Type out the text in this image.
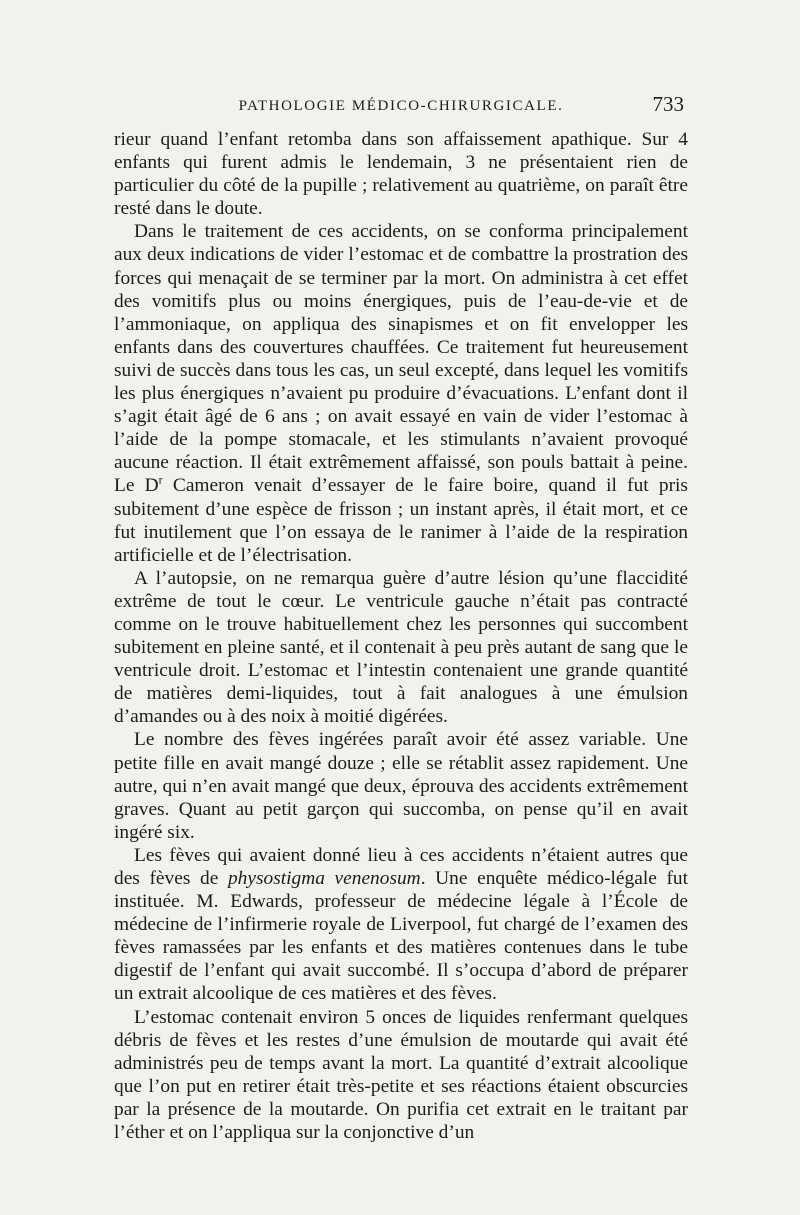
PATHOLOGIE MÉDICO-CHIRURGICALE.	733

rieur quand l’enfant retomba dans son affaissement apathique. Sur 4 enfants qui furent admis le lendemain, 3 ne présentaient rien de particulier du côté de la pupille ; relativement au quatrième, on paraît être resté dans le doute.

Dans le traitement de ces accidents, on se conforma principalement aux deux indications de vider l’estomac et de combattre la prostration des forces qui menaçait de se terminer par la mort. On administra à cet effet des vomitifs plus ou moins énergiques, puis de l’eau-de-vie et de l’ammoniaque, on appliqua des sinapismes et on fit envelopper les enfants dans des couvertures chauffées. Ce traitement fut heureusement suivi de succès dans tous les cas, un seul excepté, dans lequel les vomitifs les plus énergiques n’avaient pu produire d’évacuations. L’enfant dont il s’agit était âgé de 6 ans ; on avait essayé en vain de vider l’estomac à l’aide de la pompe stomacale, et les stimulants n’avaient provoqué aucune réaction. Il était extrêmement affaissé, son pouls battait à peine. Le $D^r$ Cameron venait d’essayer de le faire boire, quand il fut pris subitement d’une espèce de frisson ; un instant après, il était mort, et ce fut inutilement que l’on essaya de le ranimer à l’aide de la respiration artificielle et de l’électrisation.

A l’autopsie, on ne remarqua guère d’autre lésion qu’une flaccidité extrême de tout le cœur. Le ventricule gauche n’était pas contracté comme on le trouve habituellement chez les personnes qui succombent subitement en pleine santé, et il contenait à peu près autant de sang que le ventricule droit. L’estomac et l’intestin contenaient une grande quantité de matières demi-liquides, tout à fait analogues à une émulsion d’amandes ou à des noix à moitié digérées.

Le nombre des fèves ingérées paraît avoir été assez variable. Une petite fille en avait mangé douze ; elle se rétablit assez rapidement. Une autre, qui n’en avait mangé que deux, éprouva des accidents extrêmement graves. Quant au petit garçon qui succomba, on pense qu’il en avait ingéré six.

Les fèves qui avaient donné lieu à ces accidents n’étaient autres que des fèves de physostigma venenosum. Une enquête médico-légale fut instituée. M. Edwards, professeur de médecine légale à l’École de médecine de l’infirmerie royale de Liverpool, fut chargé de l’examen des fèves ramassées par les enfants et des matières contenues dans le tube digestif de l’enfant qui avait succombé. Il s’occupa d’abord de préparer un extrait alcoolique de ces matières et des fèves.

L’estomac contenait environ 5 onces de liquides renfermant quelques débris de fèves et les restes d’une émulsion de moutarde qui avait été administrés peu de temps avant la mort. La quantité d’extrait alcoolique que l’on put en retirer était très-petite et ses réactions étaient obscurcies par la présence de la moutarde. On purifia cet extrait en le traitant par l’éther et on l’appliqua sur la conjonctive d’un
